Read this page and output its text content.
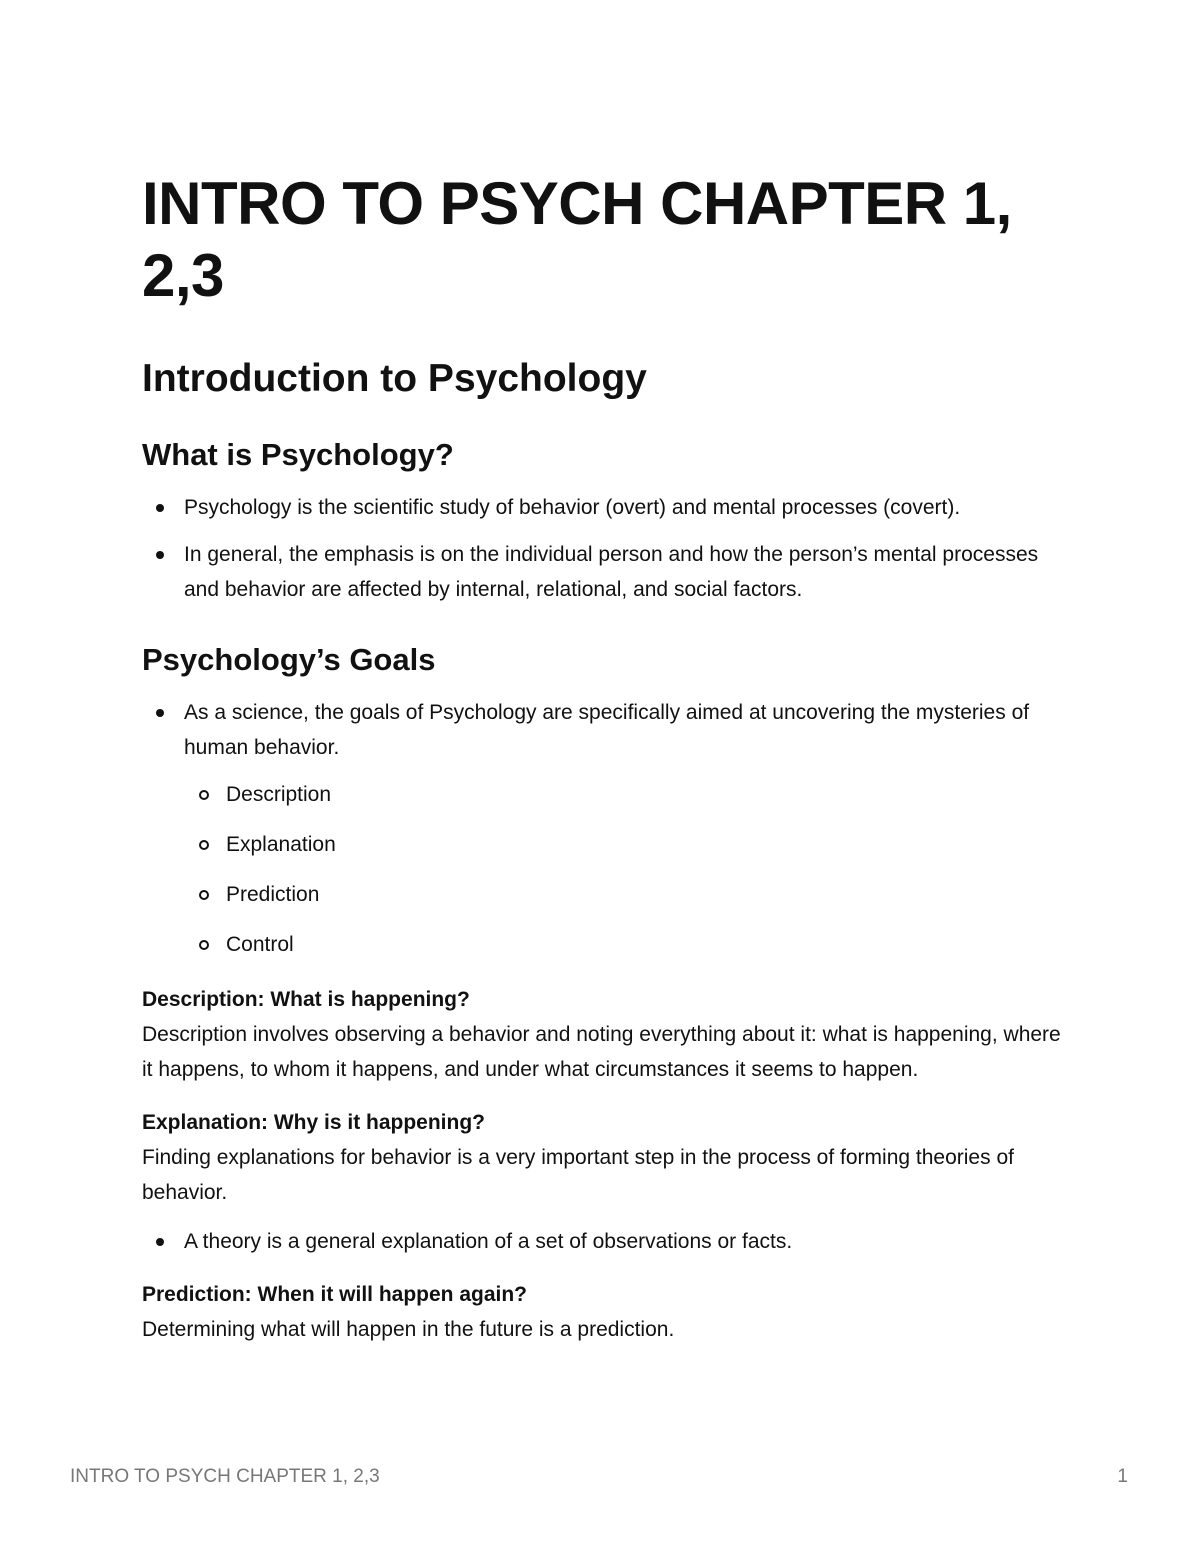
INTRO TO PSYCH CHAPTER 1,
2,3
Introduction to Psychology
What is Psychology?
Psychology is the scientific study of behavior (overt) and mental processes (covert).
In general, the emphasis is on the individual person and how the person’s mental processes and behavior are affected by internal, relational, and social factors.
Psychology’s Goals
As a science, the goals of Psychology are specifically aimed at uncovering the mysteries of human behavior.
Description
Explanation
Prediction
Control
Description: What is happening?
Description involves observing a behavior and noting everything about it: what is happening, where it happens, to whom it happens, and under what circumstances it seems to happen.
Explanation: Why is it happening?
Finding explanations for behavior is a very important step in the process of forming theories of behavior.
A theory is a general explanation of a set of observations or facts.
Prediction: When it will happen again?
Determining what will happen in the future is a prediction.
INTRO TO PSYCH CHAPTER 1, 2,3	1
